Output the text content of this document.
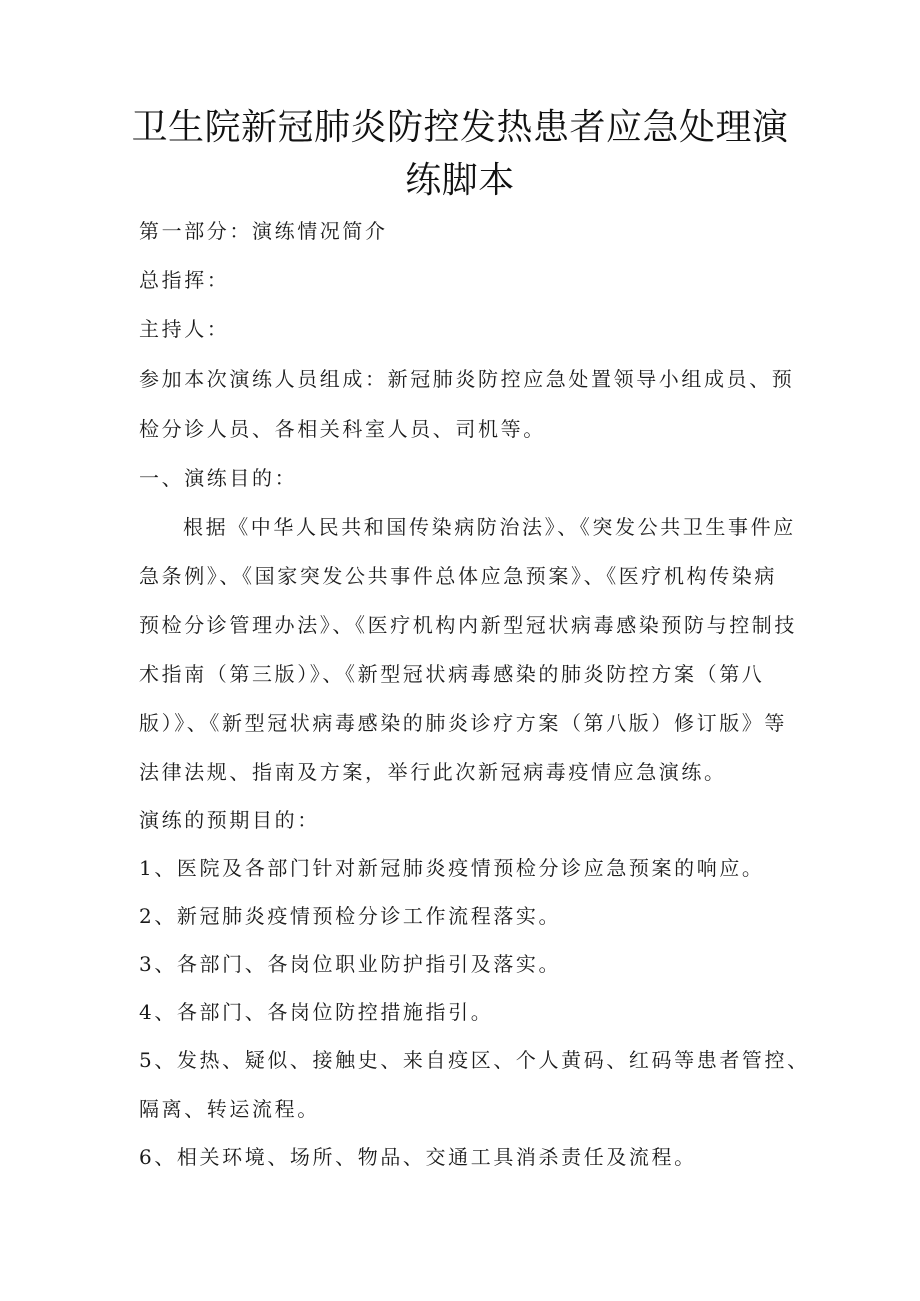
卫生院新冠肺炎防控发热患者应急处理演
练脚本
第一部分：演练情况简介
总指挥：
主持人：
参加本次演练人员组成：新冠肺炎防控应急处置领导小组成员、预
检分诊人员、各相关科室人员、司机等。
一、演练目的：
根据《中华人民共和国传染病防治法》、《突发公共卫生事件应
急条例》、《国家突发公共事件总体应急预案》、《医疗机构传染病
预检分诊管理办法》、《医疗机构内新型冠状病毒感染预防与控制技
术指南（第三版）》、《新型冠状病毒感染的肺炎防控方案（第八
版）》、《新型冠状病毒感染的肺炎诊疗方案（第八版）修订版》等
法律法规、指南及方案，举行此次新冠病毒疫情应急演练。
演练的预期目的：
1、医院及各部门针对新冠肺炎疫情预检分诊应急预案的响应。
2、新冠肺炎疫情预检分诊工作流程落实。
3、各部门、各岗位职业防护指引及落实。
4、各部门、各岗位防控措施指引。
5、发热、疑似、接触史、来自疫区、个人黄码、红码等患者管控、
隔离、转运流程。
6、相关环境、场所、物品、交通工具消杀责任及流程。
